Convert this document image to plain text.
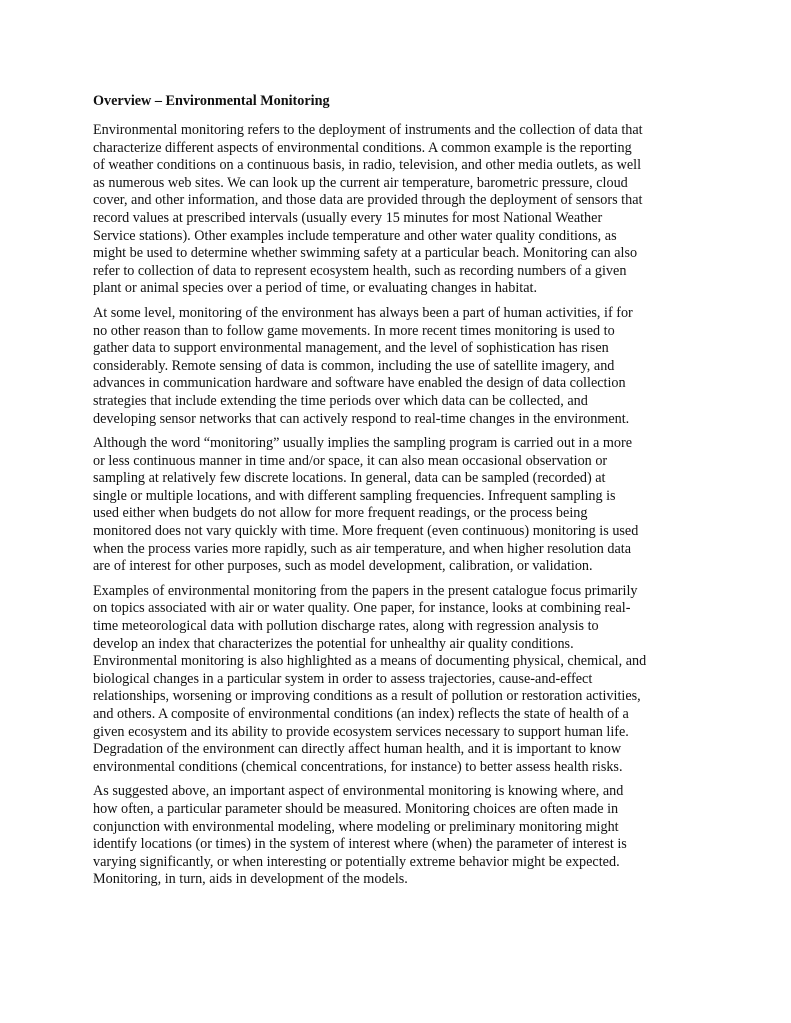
Overview – Environmental Monitoring
Environmental monitoring refers to the deployment of instruments and the collection of data that
characterize different aspects of environmental conditions. A common example is the reporting
of weather conditions on a continuous basis, in radio, television, and other media outlets, as well
as numerous web sites. We can look up the current air temperature, barometric pressure, cloud
cover, and other information, and those data are provided through the deployment of sensors that
record values at prescribed intervals (usually every 15 minutes for most National Weather
Service stations). Other examples include temperature and other water quality conditions, as
might be used to determine whether swimming safety at a particular beach. Monitoring can also
refer to collection of data to represent ecosystem health, such as recording numbers of a given
plant or animal species over a period of time, or evaluating changes in habitat.
At some level, monitoring of the environment has always been a part of human activities, if for
no other reason than to follow game movements. In more recent times monitoring is used to
gather data to support environmental management, and the level of sophistication has risen
considerably. Remote sensing of data is common, including the use of satellite imagery, and
advances in communication hardware and software have enabled the design of data collection
strategies that include extending the time periods over which data can be collected, and
developing sensor networks that can actively respond to real-time changes in the environment.
Although the word “monitoring” usually implies the sampling program is carried out in a more
or less continuous manner in time and/or space, it can also mean occasional observation or
sampling at relatively few discrete locations. In general, data can be sampled (recorded) at
single or multiple locations, and with different sampling frequencies. Infrequent sampling is
used either when budgets do not allow for more frequent readings, or the process being
monitored does not vary quickly with time. More frequent (even continuous) monitoring is used
when the process varies more rapidly, such as air temperature, and when higher resolution data
are of interest for other purposes, such as model development, calibration, or validation.
Examples of environmental monitoring from the papers in the present catalogue focus primarily
on topics associated with air or water quality. One paper, for instance, looks at combining real-
time meteorological data with pollution discharge rates, along with regression analysis to
develop an index that characterizes the potential for unhealthy air quality conditions.
Environmental monitoring is also highlighted as a means of documenting physical, chemical, and
biological changes in a particular system in order to assess trajectories, cause-and-effect
relationships, worsening or improving conditions as a result of pollution or restoration activities,
and others. A composite of environmental conditions (an index) reflects the state of health of a
given ecosystem and its ability to provide ecosystem services necessary to support human life.
Degradation of the environment can directly affect human health, and it is important to know
environmental conditions (chemical concentrations, for instance) to better assess health risks.
As suggested above, an important aspect of environmental monitoring is knowing where, and
how often, a particular parameter should be measured. Monitoring choices are often made in
conjunction with environmental modeling, where modeling or preliminary monitoring might
identify locations (or times) in the system of interest where (when) the parameter of interest is
varying significantly, or when interesting or potentially extreme behavior might be expected.
Monitoring, in turn, aids in development of the models.
